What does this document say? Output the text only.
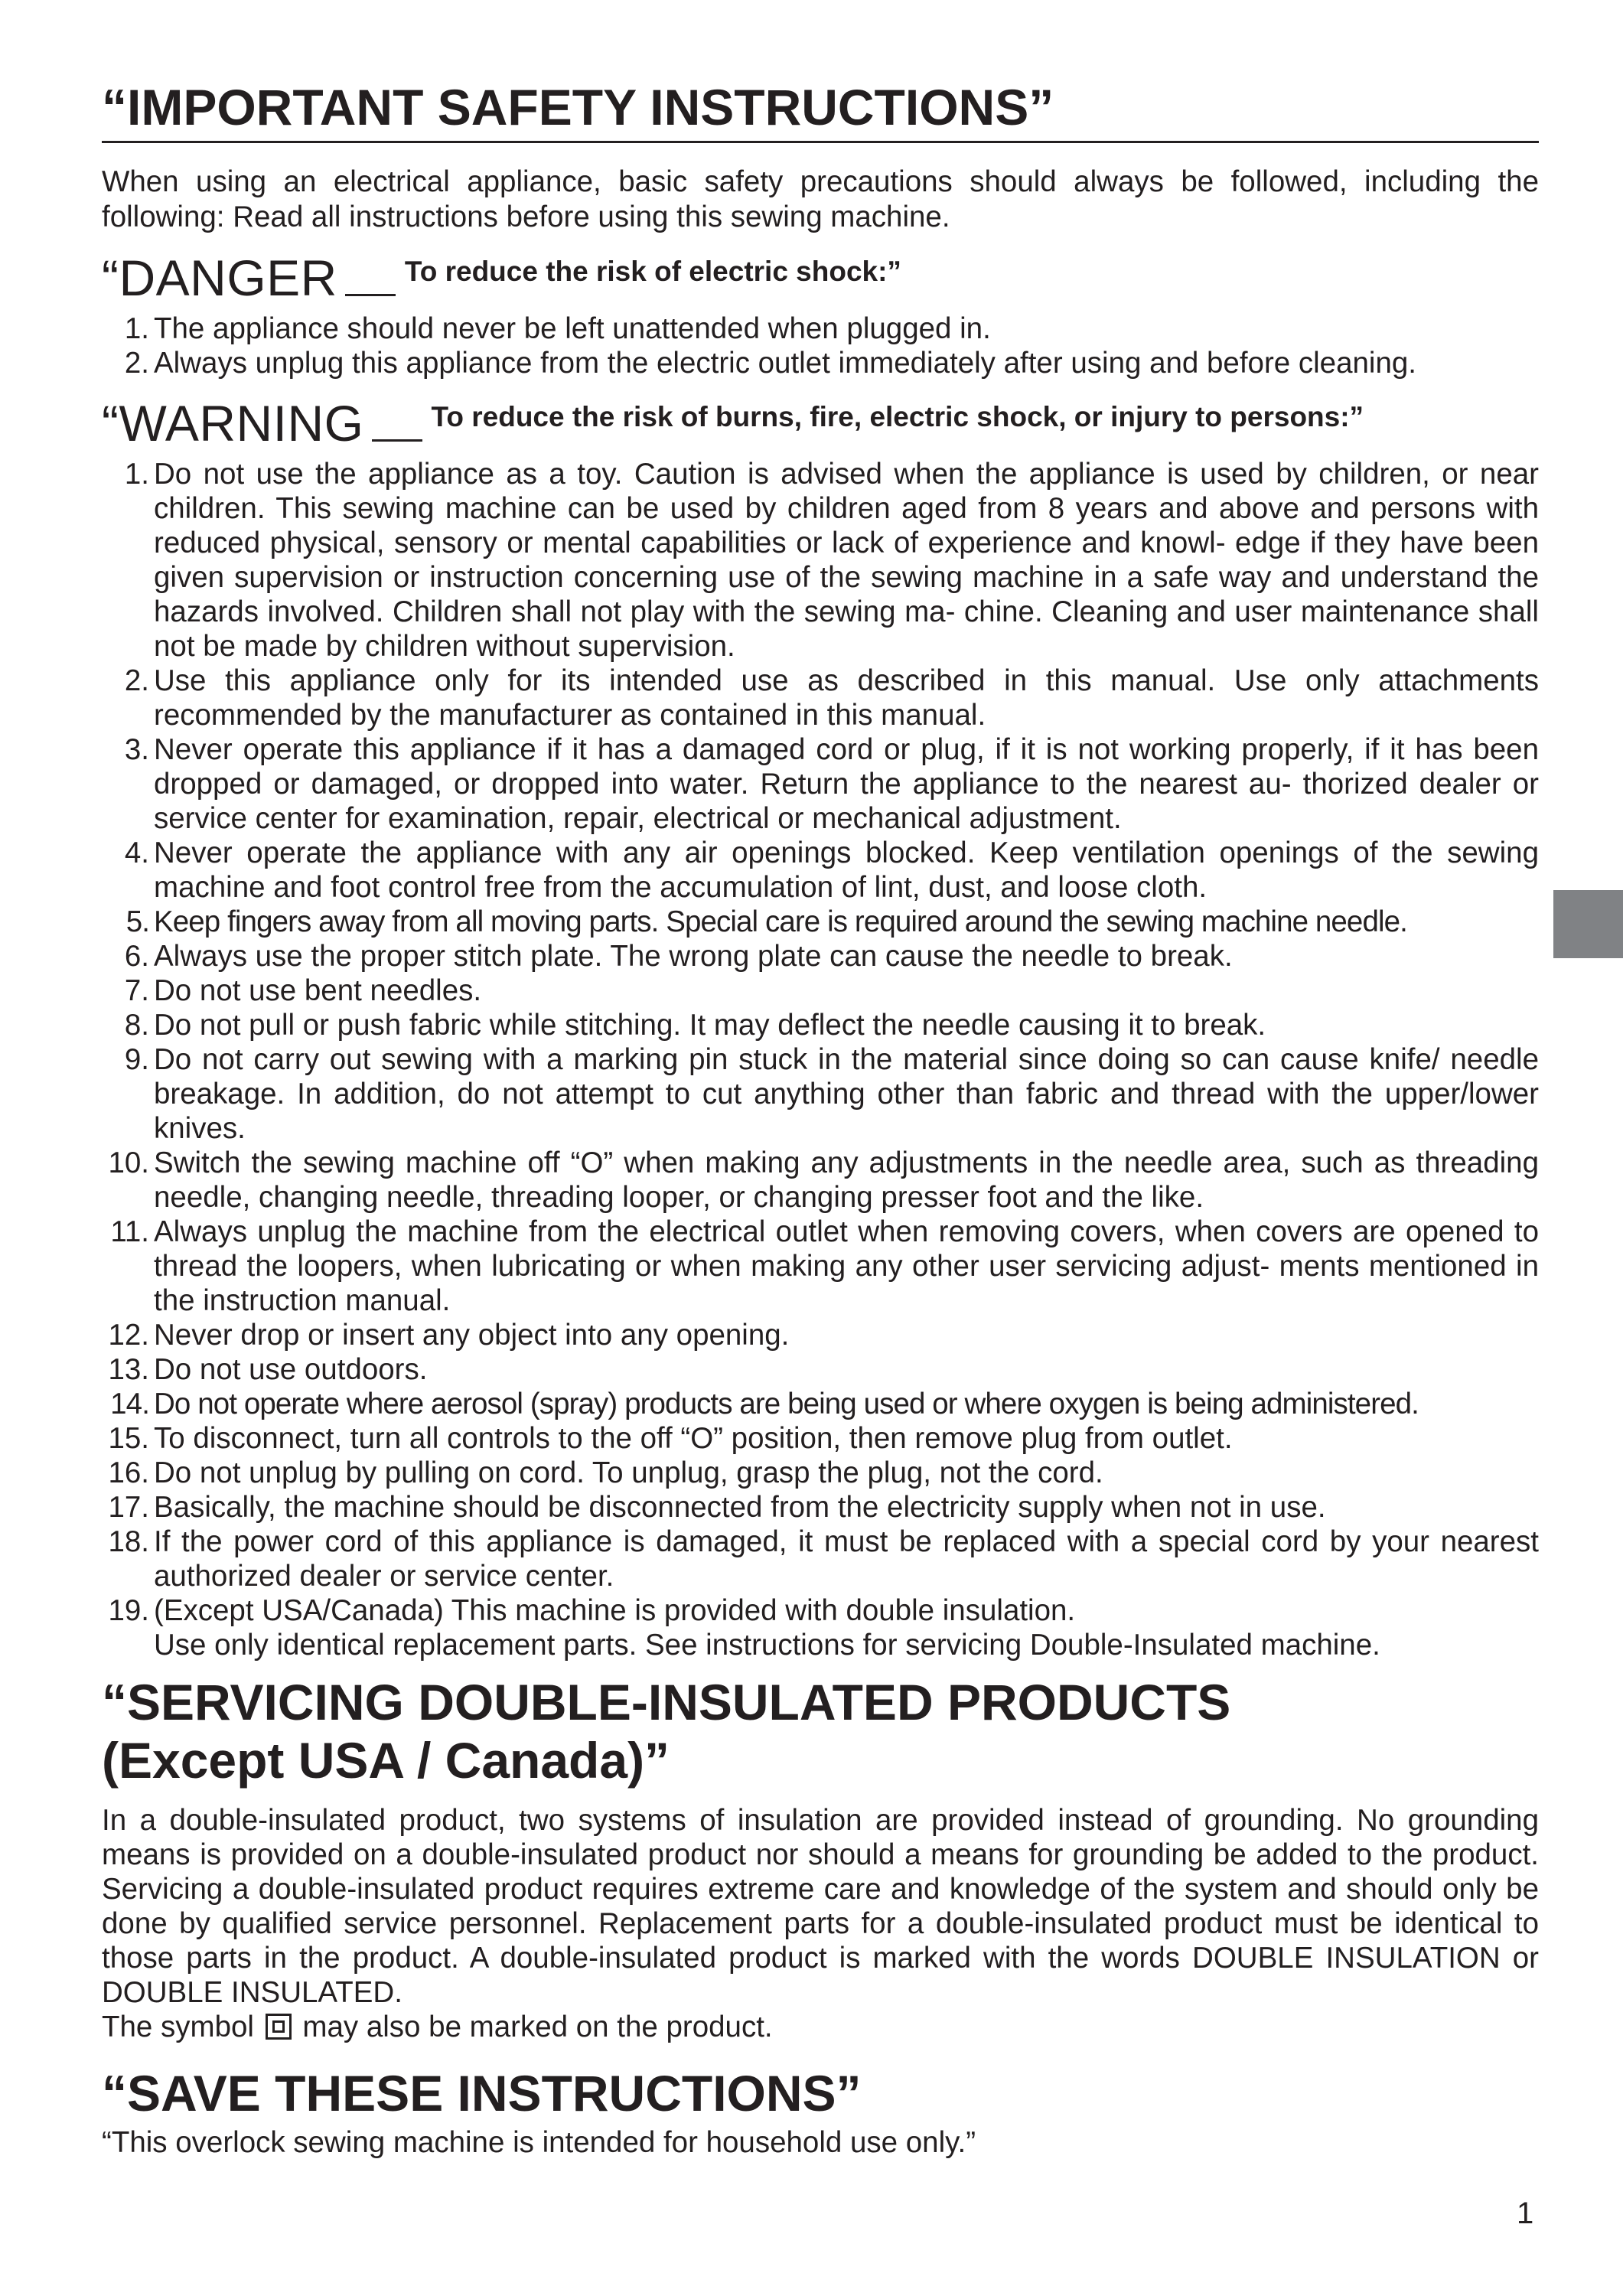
“IMPORTANT SAFETY INSTRUCTIONS”

When using an electrical appliance, basic safety precautions should always be followed, including the following: Read all instructions before using this sewing machine.

“DANGER To reduce the risk of electric shock:”
1. The appliance should never be left unattended when plugged in.
2. Always unplug this appliance from the electric outlet immediately after using and before cleaning.
“WARNING To reduce the risk of burns, fire, electric shock, or injury to persons:”
1. Do not use the appliance as a toy. Caution is advised when the appliance is used by children, or near children. This sewing machine can be used by children aged from 8 years and above and persons with reduced physical, sensory or mental capabilities or lack of experience and knowl- edge if they have been given supervision or instruction concerning use of the sewing machine in a safe way and understand the hazards involved. Children shall not play with the sewing ma- chine. Cleaning and user maintenance shall not be made by children without supervision.
2. Use this appliance only for its intended use as described in this manual. Use only attachments recommended by the manufacturer as contained in this manual.
3. Never operate this appliance if it has a damaged cord or plug, if it is not working properly, if it has been dropped or damaged, or dropped into water. Return the appliance to the nearest au- thorized dealer or service center for examination, repair, electrical or mechanical adjustment.
4. Never operate the appliance with any air openings blocked. Keep ventilation openings of the sewing machine and foot control free from the accumulation of lint, dust, and loose cloth.
5. Keep fingers away from all moving parts. Special care is required around the sewing machine needle.
6. Always use the proper stitch plate. The wrong plate can cause the needle to break.
7. Do not use bent needles.
8. Do not pull or push fabric while stitching. It may deflect the needle causing it to break.
9. Do not carry out sewing with a marking pin stuck in the material since doing so can cause knife/ needle breakage. In addition, do not attempt to cut anything other than fabric and thread with the upper/lower knives.
10. Switch the sewing machine off “O” when making any adjustments in the needle area, such as threading needle, changing needle, threading looper, or changing presser foot and the like.
11. Always unplug the machine from the electrical outlet when removing covers, when covers are opened to thread the loopers, when lubricating or when making any other user servicing adjust- ments mentioned in the instruction manual.
12. Never drop or insert any object into any opening.
13. Do not use outdoors.
14. Do not operate where aerosol (spray) products are being used or where oxygen is being administered.
15. To disconnect, turn all controls to the off “O” position, then remove plug from outlet.
16. Do not unplug by pulling on cord. To unplug, grasp the plug, not the cord.
17. Basically, the machine should be disconnected from the electricity supply when not in use.
18. If the power cord of this appliance is damaged, it must be replaced with a special cord by your nearest authorized dealer or service center.
19. (Except USA/Canada) This machine is provided with double insulation.
Use only identical replacement parts. See instructions for servicing Double-Insulated machine.
“SERVICING DOUBLE-INSULATED PRODUCTS
(Except USA / Canada)”
In a double-insulated product, two systems of insulation are provided instead of grounding. No grounding means is provided on a double-insulated product nor should a means for grounding be added to the product. Servicing a double-insulated product requires extreme care and knowledge of the system and should only be done by qualified service personnel. Replacement parts for a double-insulated product must be identical to those parts in the product. A double-insulated product is marked with the words DOUBLE INSULATION or DOUBLE INSULATED.
The symbol may also be marked on the product.
“SAVE THESE INSTRUCTIONS”
“This overlock sewing machine is intended for household use only.”
1
